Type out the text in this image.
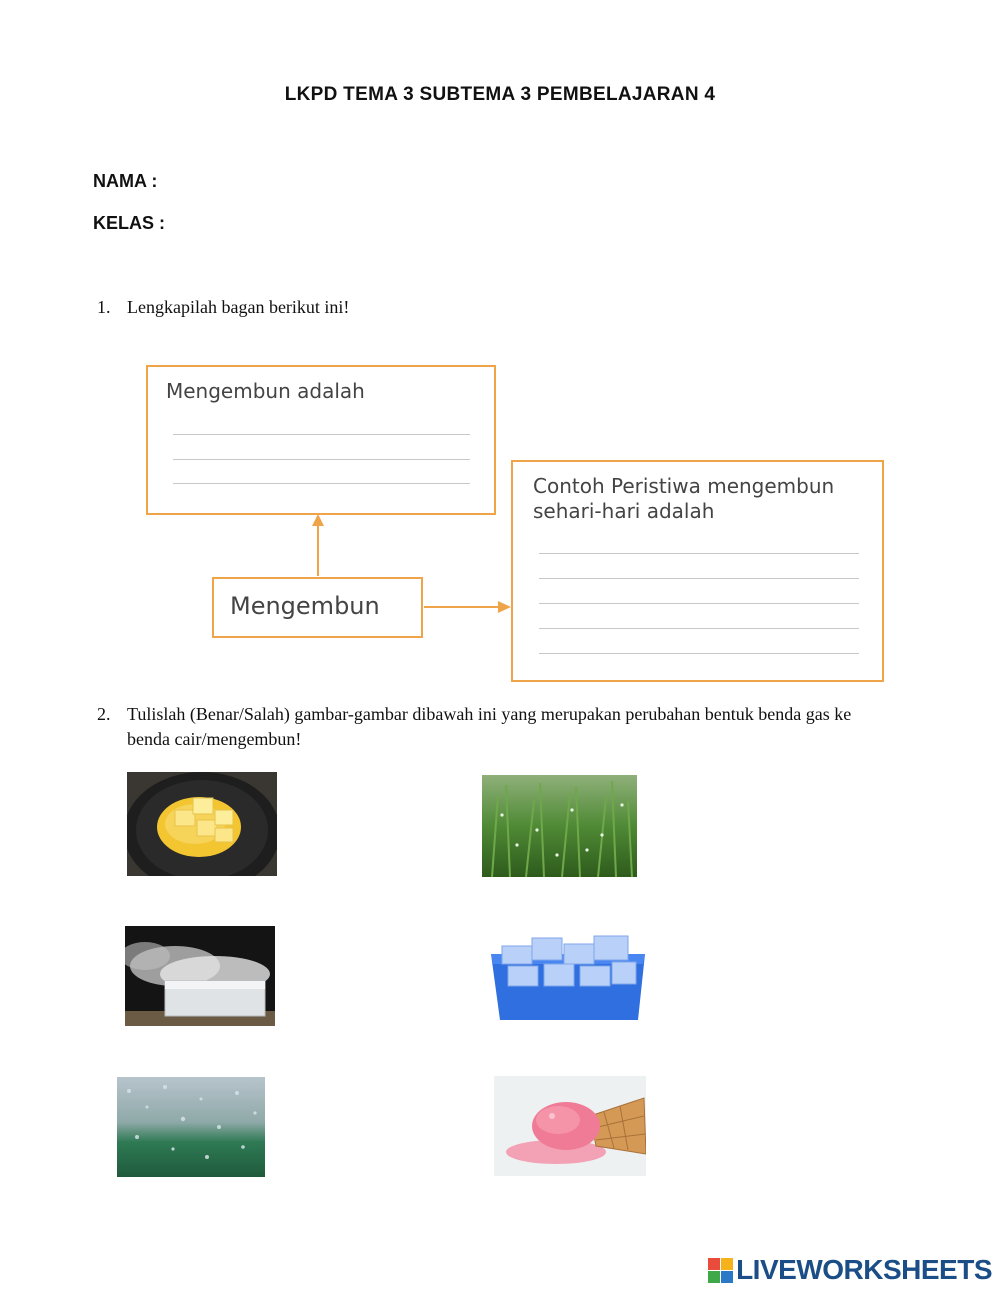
LKPD TEMA 3 SUBTEMA 3 PEMBELAJARAN 4
NAMA :
KELAS :
1. Lengkapilah bagan berikut ini!
Mengembun adalah
Contoh Peristiwa mengembun
sehari-hari adalah
Mengembun
2. Tulislah (Benar/Salah) gambar-gambar dibawah ini yang merupakan perubahan bentuk benda gas ke
benda cair/mengembun!
LIVEWORKSHEETS
